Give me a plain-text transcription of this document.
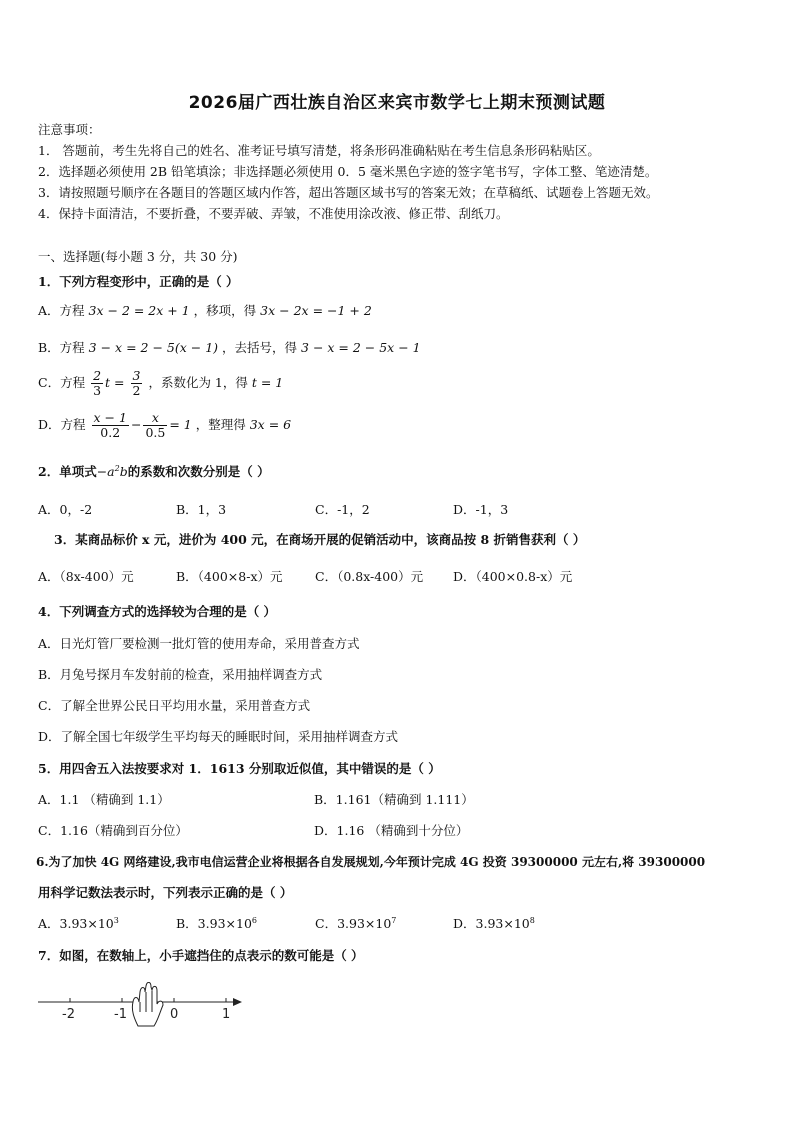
2026届广西壮族自治区来宾市数学七上期末预测试题
注意事项：
1． 答题前，考生先将自己的姓名、准考证号填写清楚，将条形码准确粘贴在考生信息条形码粘贴区。
2．选择题必须使用 2B 铅笔填涂；非选择题必须使用 0．5 毫米黑色字迹的签字笔书写，字体工整、笔迹清楚。
3．请按照题号顺序在各题目的答题区域内作答，超出答题区域书写的答案无效；在草稿纸、试题卷上答题无效。
4．保持卡面清洁，不要折叠，不要弄破、弄皱，不准使用涂改液、修正带、刮纸刀。
一、选择题(每小题 3 分，共 30 分)
1．下列方程变形中，正确的是（ ）
A．方程 3x − 2 = 2x + 1 ，移项，得 3x − 2x = −1 + 2
B．方程 3 − x = 2 − 5(x − 1) ，去括号，得 3 − x = 2 − 5x − 1
C．方程 $\frac{2}{3}$ $t = \frac{3}{2}$ ，系数化为 1，得 t = 1
D．方程 $\frac{x - 1}{0.2} - \frac{x}{0.5} = 1$ ，整理得 3x = 6
2．单项式$-a^2b$的系数和次数分别是（ ）
A．0，-2	B．1，3	C．-1，2	D．-1，3
3．某商品标价 x 元，进价为 400 元，在商场开展的促销活动中，该商品按 8 折销售获利（ ）
A．（8x-400）元	B．（400×8-x）元	C．（0.8x-400）元 D．（400×0.8-x）元
4．下列调查方式的选择较为合理的是（ ）
A．日光灯管厂要检测一批灯管的使用寿命，采用普查方式
B．月兔号探月车发射前的检查，采用抽样调查方式
C．了解全世界公民日平均用水量，采用普查方式
D．了解全国七年级学生平均每天的睡眠时间，采用抽样调查方式
5．用四舍五入法按要求对 1．1613 分别取近似值，其中错误的是（ ）
A．1.1 （精确到 1.1）	B．1.161（精确到 1.111）
C．1.16（精确到百分位）	D．1.16 （精确到十分位）
6.为了加快 4G 网络建设,我市电信运营企业将根据各自发展规划,今年预计完成 4G 投资 39300000 元左右,将 39300000
用科学记数法表示时，下列表示正确的是（ ）
A．$3.93\times 10^3$	B．$3.93\times 10^6$	C．$3.93\times 10^7$	D．$3.93\times 10^8$
7．如图，在数轴上，小手遮挡住的点表示的数可能是（ ）
-2	-1	0	1
